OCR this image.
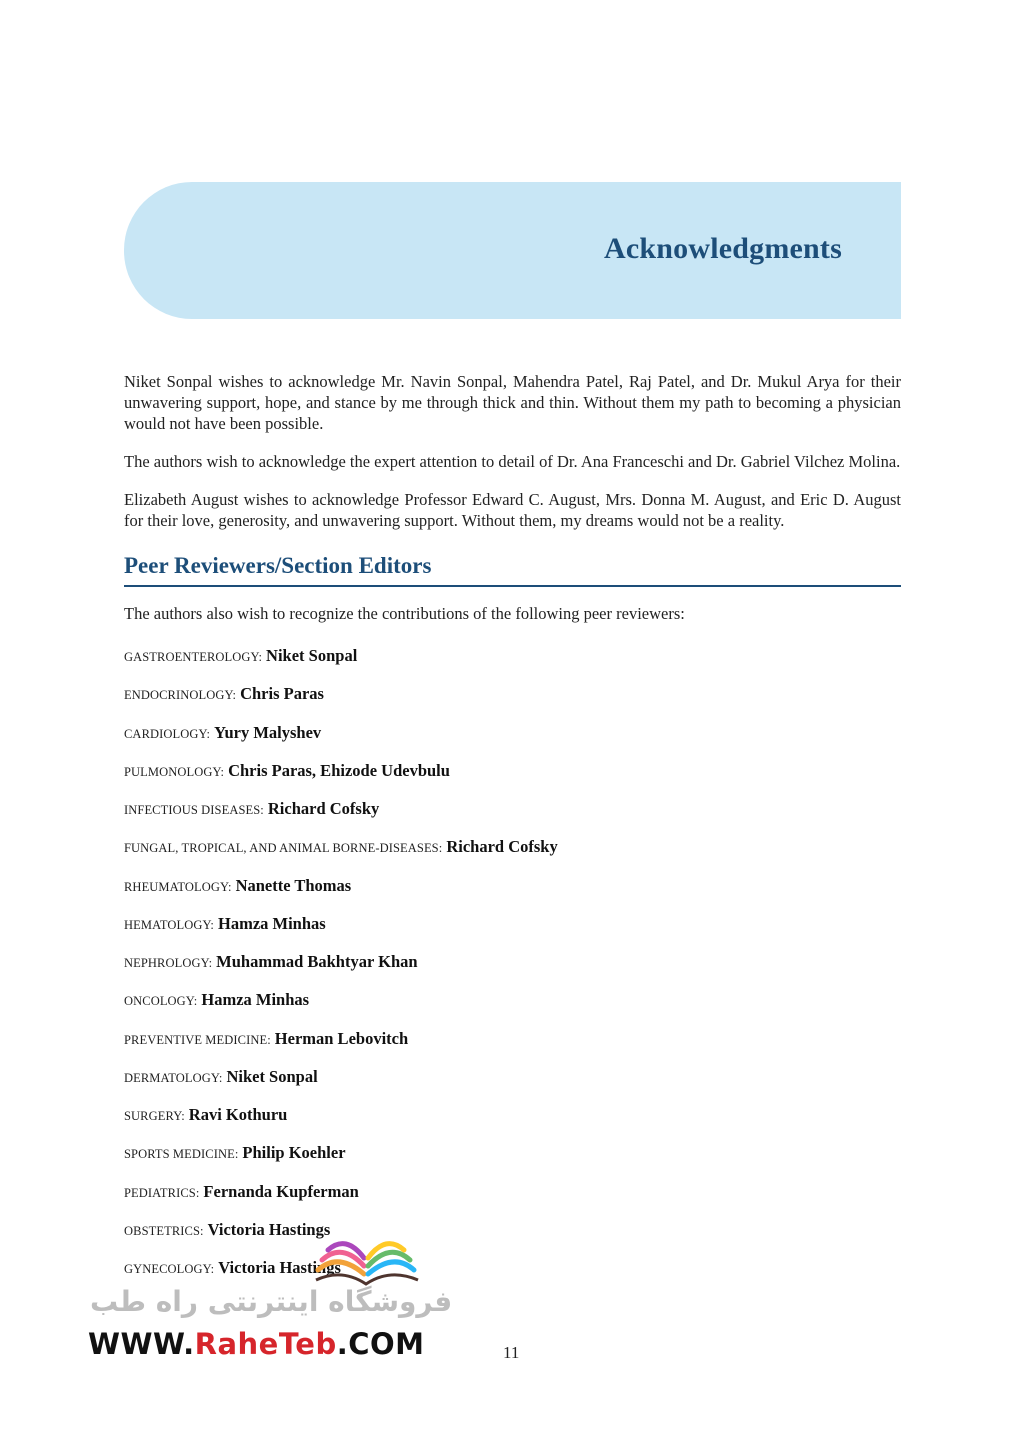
Acknowledgments

Niket Sonpal wishes to acknowledge Mr. Navin Sonpal, Mahendra Patel, Raj Patel, and Dr. Mukul Arya for their unwavering support, hope, and stance by me through thick and thin. Without them my path to becoming a physician would not have been possible.

The authors wish to acknowledge the expert attention to detail of Dr. Ana Franceschi and Dr. Gabriel Vilchez Molina.

Elizabeth August wishes to acknowledge Professor Edward C. August, Mrs. Donna M. August, and Eric D. August for their love, generosity, and unwavering support. Without them, my dreams would not be a reality.

Peer Reviewers/Section Editors

The authors also wish to recognize the contributions of the following peer reviewers:

GASTROENTEROLOGY: Niket Sonpal
ENDOCRINOLOGY: Chris Paras
CARDIOLOGY: Yury Malyshev
PULMONOLOGY: Chris Paras, Ehizode Udevbulu
INFECTIOUS DISEASES: Richard Cofsky
FUNGAL, TROPICAL, AND ANIMAL BORNE-DISEASES: Richard Cofsky
RHEUMATOLOGY: Nanette Thomas
HEMATOLOGY: Hamza Minhas
NEPHROLOGY: Muhammad Bakhtyar Khan
ONCOLOGY: Hamza Minhas
PREVENTIVE MEDICINE: Herman Lebovitch
DERMATOLOGY: Niket Sonpal
SURGERY: Ravi Kothuru
SPORTS MEDICINE: Philip Koehler
PEDIATRICS: Fernanda Kupferman
OBSTETRICS: Victoria Hastings
GYNECOLOGY: Victoria Hastings
11
فروشگاه اینترنتی راه طب
WWW.RaheTeb.COM
